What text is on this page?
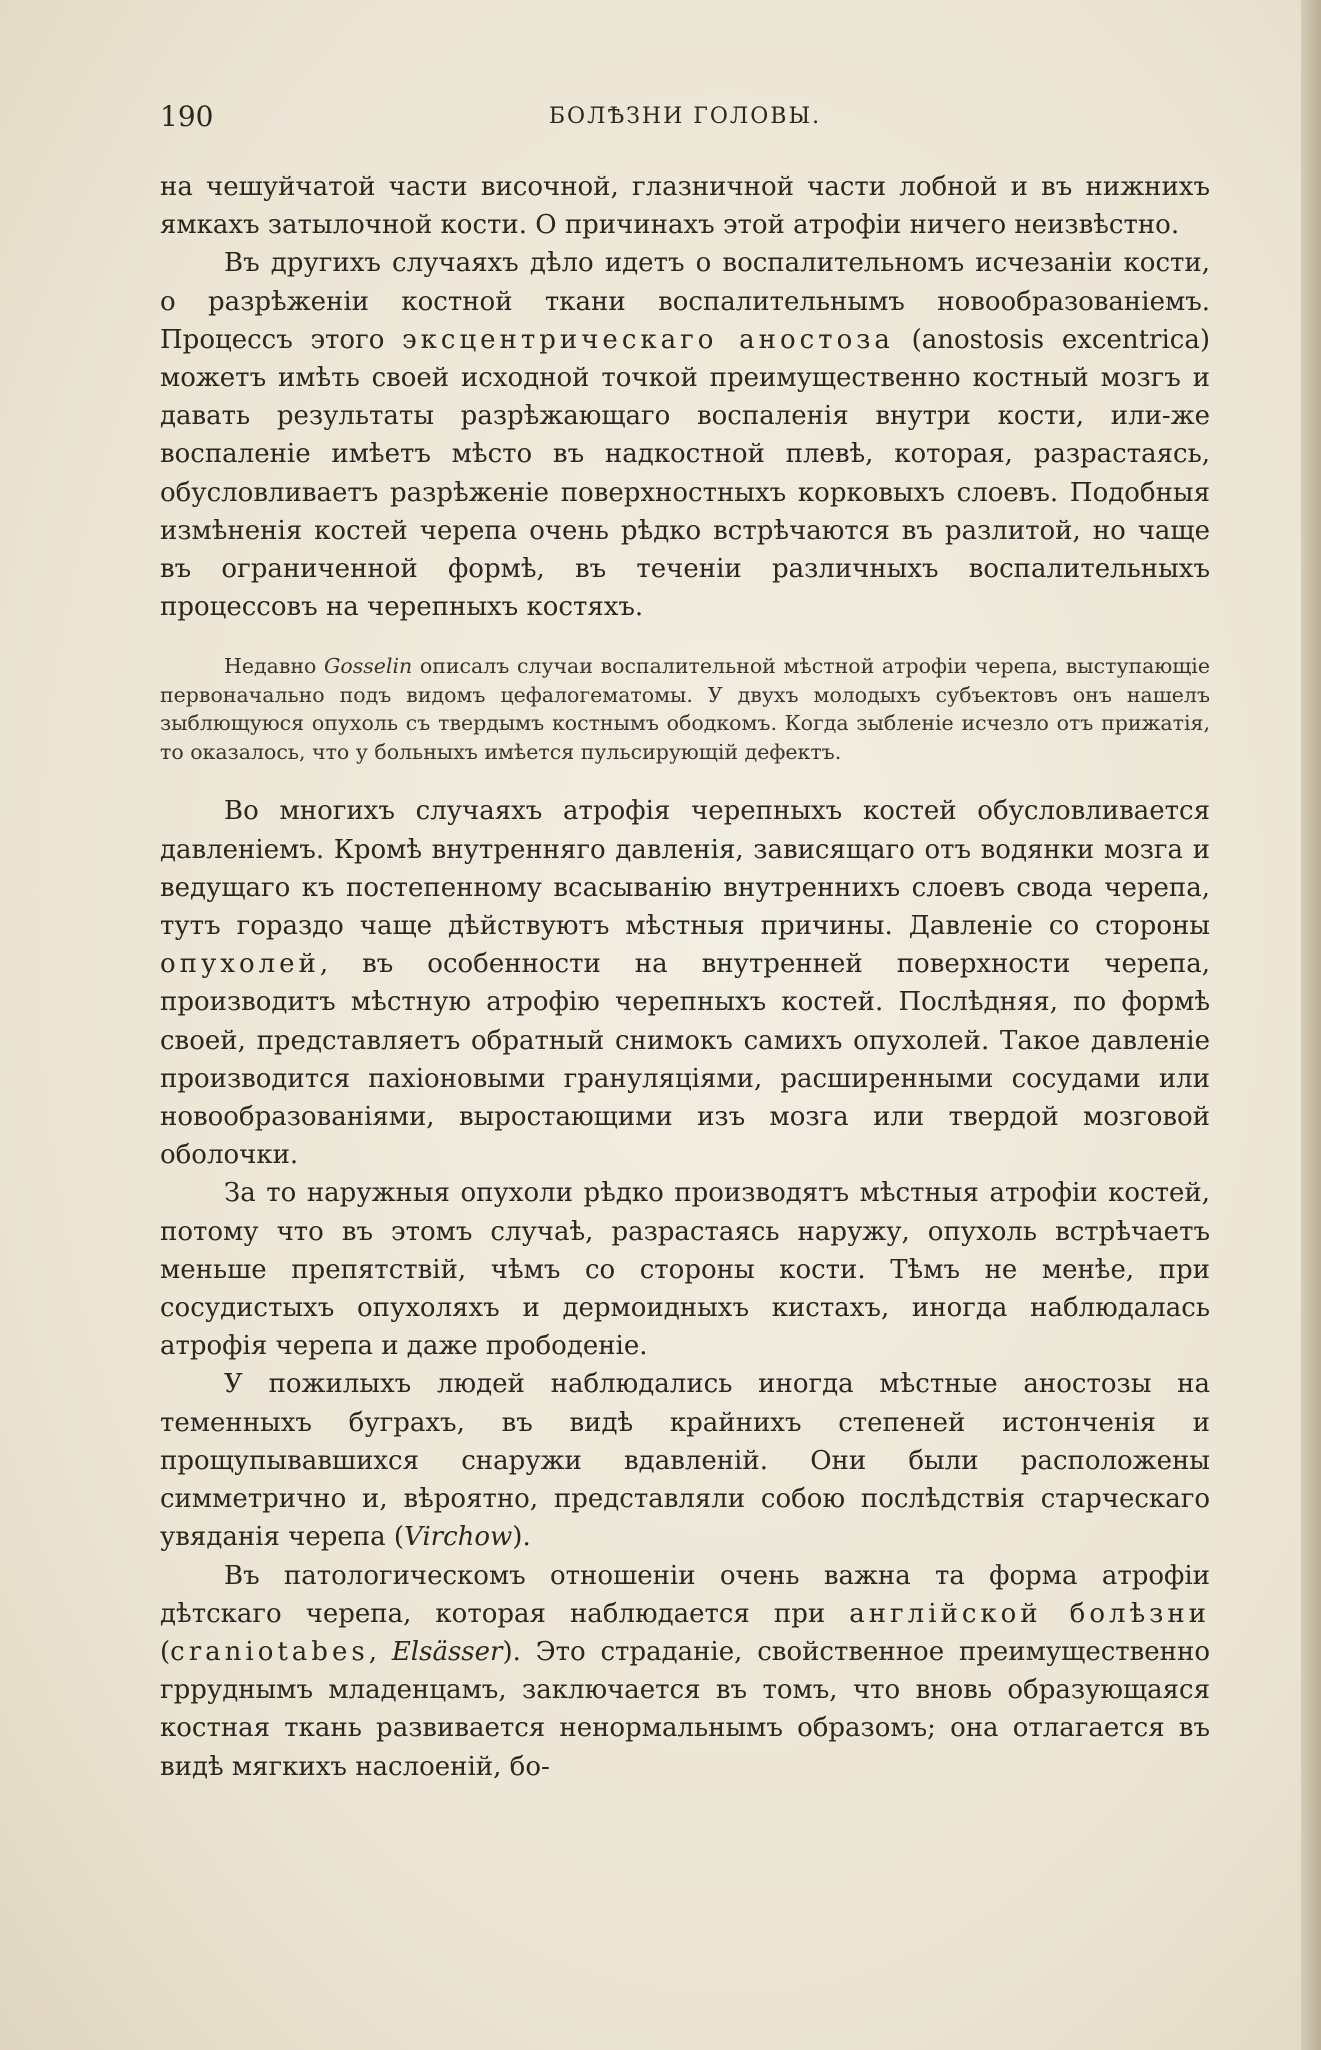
190	БОЛѢЗНИ ГОЛОВЫ.

на чешуйчатой части височной, глазничной части лобной и въ нижнихъ ямкахъ затылочной кости. О причинахъ этой атрофіи ничего неизвѣстно.

Въ другихъ случаяхъ дѣло идетъ о воспалительномъ исчезаніи кости, о разрѣженіи костной ткани воспалительнымъ новообразованіемъ. Процессъ этого эксцентрическаго аностоза (anostosis excentrica) можетъ имѣть своей исходной точкой преимущественно костный мозгъ и давать результаты разрѣжающаго воспаленія внутри кости, или-же воспаленіе имѣетъ мѣсто въ надкостной плевѣ, которая, разрастаясь, обусловливаетъ разрѣженіе поверхностныхъ корковыхъ слоевъ. Подобныя измѣненія костей черепа очень рѣдко встрѣчаются въ разлитой, но чаще въ ограниченной формѣ, въ теченіи различныхъ воспалительныхъ процессовъ на черепныхъ костяхъ.

Недавно Gosselin описалъ случаи воспалительной мѣстной атрофіи черепа, выступающіе первоначально подъ видомъ цефалогематомы. У двухъ молодыхъ субъектовъ онъ нашелъ зыблющуюся опухоль съ твердымъ костнымъ ободкомъ. Когда зыбленіе исчезло отъ прижатія, то оказалось, что у больныхъ имѣется пульсирующій дефектъ.

Во многихъ случаяхъ атрофія черепныхъ костей обусловливается давленіемъ. Кромѣ внутренняго давленія, зависящаго отъ водянки мозга и ведущаго къ постепенному всасыванію внутреннихъ слоевъ свода черепа, тутъ гораздо чаще дѣйствуютъ мѣстныя причины. Давленіе со стороны опухолей, въ особенности на внутренней поверхности черепа, производитъ мѣстную атрофію черепныхъ костей. Послѣдняя, по формѣ своей, представляетъ обратный снимокъ самихъ опухолей. Такое давленіе производится пахіоновыми грануляціями, расширенными сосудами или новообразованіями, выростающими изъ мозга или твердой мозговой оболочки.

За то наружныя опухоли рѣдко производятъ мѣстныя атрофіи костей, потому что въ этомъ случаѣ, разрастаясь наружу, опухоль встрѣчаетъ меньше препятствій, чѣмъ со стороны кости. Тѣмъ не менѣе, при сосудистыхъ опухоляхъ и дермоидныхъ кистахъ, иногда наблюдалась атрофія черепа и даже прободеніе.

У пожилыхъ людей наблюдались иногда мѣстные аностозы на теменныхъ буграхъ, въ видѣ крайнихъ степеней истонченія и прощупывавшихся снаружи вдавленій. Они были расположены симметрично и, вѣроятно, представляли собою послѣдствія старческаго увяданія черепа (Virchow).

Въ патологическомъ отношеніи очень важна та форма атрофіи дѣтскаго черепа, которая наблюдается при англійской болѣзни (craniotabes, Elsässer). Это страданіе, свойственное преимущественно грруднымъ младенцамъ, заключается въ томъ, что вновь образующаяся костная ткань развивается ненормальнымъ образомъ; она отлагается въ видѣ мягкихъ наслоеній, бо-
